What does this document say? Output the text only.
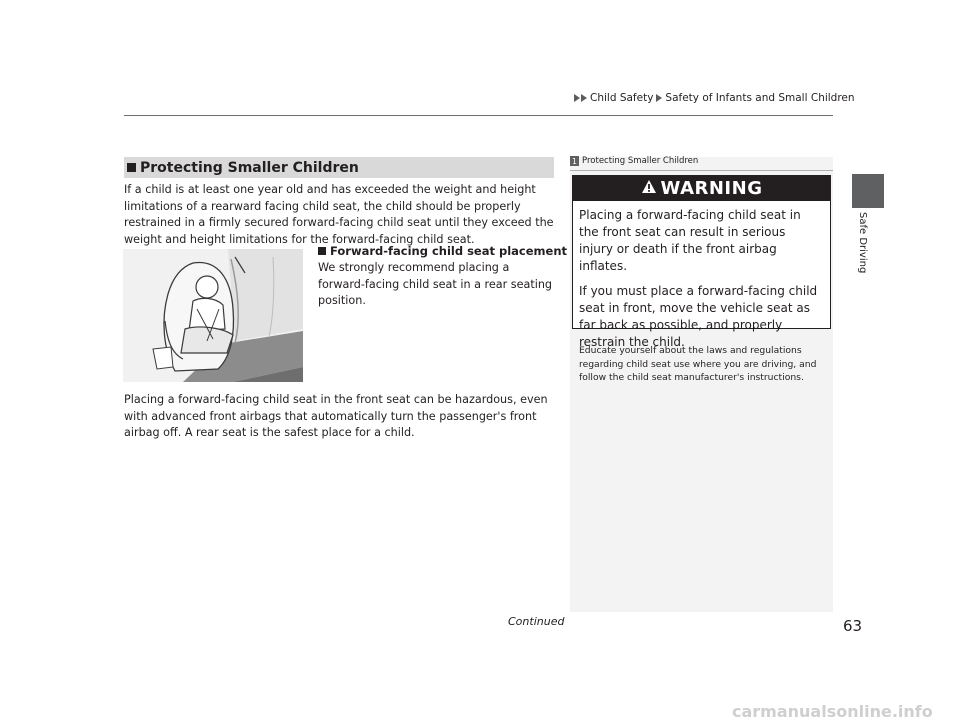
Child Safety Safety of Infants and Small Children
Safe Driving
Protecting Smaller Children
If a child is at least one year old and has exceeded the weight and height limitations of a rearward facing child seat, the child should be properly restrained in a firmly secured forward-facing child seat until they exceed the weight and height limitations for the forward-facing child seat.
Forward-facing child seat placement
We strongly recommend placing a forward-facing child seat in a rear seating position.
Placing a forward-facing child seat in the front seat can be hazardous, even with advanced front airbags that automatically turn the passenger's front airbag off. A rear seat is the safest place for a child.
1 Protecting Smaller Children
WARNING

Placing a forward-facing child seat in the front seat can result in serious injury or death if the front airbag inflates.

If you must place a forward-facing child seat in front, move the vehicle seat as far back as possible, and properly restrain the child.

Educate yourself about the laws and regulations regarding child seat use where you are driving, and follow the child seat manufacturer's instructions.
Continued	63
carmanualsonline.info
